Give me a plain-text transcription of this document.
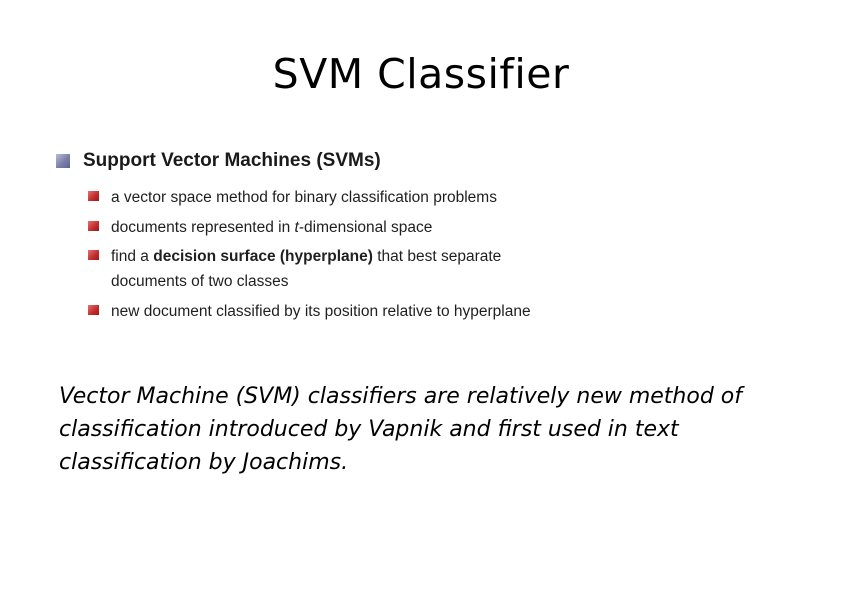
SVM Classifier
Support Vector Machines (SVMs)
a vector space method for binary classification problems
documents represented in t-dimensional space
find a decision surface (hyperplane) that best separate
documents of two classes
new document classified by its position relative to hyperplane
Vector Machine (SVM) classifiers are relatively new method of
classification introduced by Vapnik and first used in text
classification by Joachims.
